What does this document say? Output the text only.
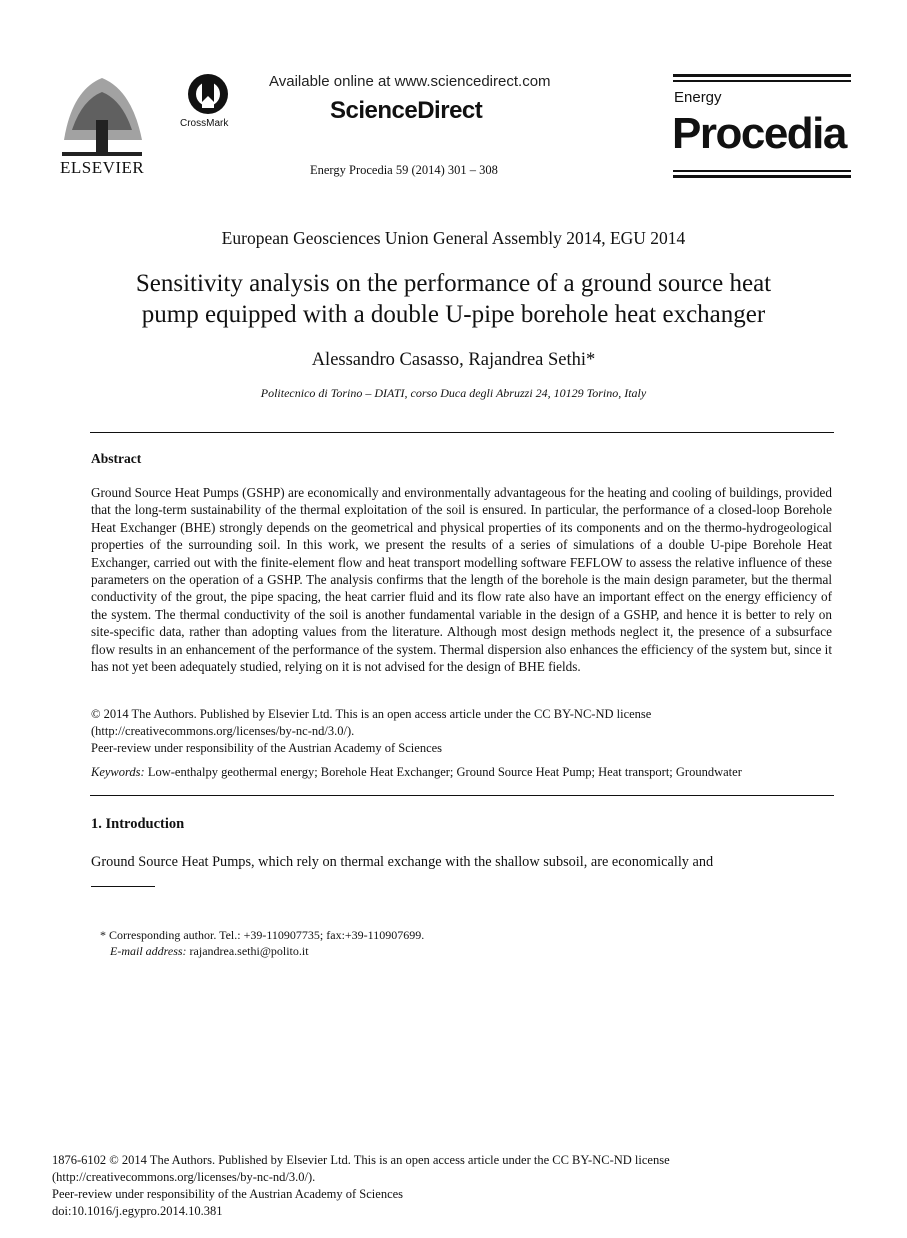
ELSEVIER
CrossMark
Available online at www.sciencedirect.com
ScienceDirect
Energy Procedia 59 (2014) 301 – 308
Energy
Procedia
European Geosciences Union General Assembly 2014, EGU 2014
Sensitivity analysis on the performance of a ground source heat
pump equipped with a double U-pipe borehole heat exchanger
Alessandro Casasso, Rajandrea Sethi*
Politecnico di Torino – DIATI, corso Duca degli Abruzzi 24, 10129 Torino, Italy
Abstract
Ground Source Heat Pumps (GSHP) are economically and environmentally advantageous for the heating and cooling of buildings, provided that the long-term sustainability of the thermal exploitation of the soil is ensured. In particular, the performance of a closed-loop Borehole Heat Exchanger (BHE) strongly depends on the geometrical and physical properties of its components and on the thermo-hydrogeological properties of the surrounding soil. In this work, we present the results of a series of simulations of a double U-pipe Borehole Heat Exchanger, carried out with the finite-element flow and heat transport modelling software FEFLOW to assess the relative influence of these parameters on the operation of a GSHP. The analysis confirms that the length of the borehole is the main design parameter, but the thermal conductivity of the grout, the pipe spacing, the heat carrier fluid and its flow rate also have an important effect on the energy efficiency of the system. The thermal conductivity of the soil is another fundamental variable in the design of a GSHP, and hence it is better to rely on site-specific data, rather than adopting values from the literature. Although most design methods neglect it, the presence of a subsurface flow results in an enhancement of the performance of the system. Thermal dispersion also enhances the efficiency of the system but, since it has not yet been adequately studied, relying on it is not advised for the design of BHE fields.
© 2014 The Authors. Published by Elsevier Ltd. This is an open access article under the CC BY-NC-ND license
(http://creativecommons.org/licenses/by-nc-nd/3.0/).
Peer-review under responsibility of the Austrian Academy of Sciences
Keywords: Low-enthalpy geothermal energy; Borehole Heat Exchanger; Ground Source Heat Pump; Heat transport; Groundwater
1. Introduction
Ground Source Heat Pumps, which rely on thermal exchange with the shallow subsoil, are economically and
* Corresponding author. Tel.: +39-110907735; fax:+39-110907699.
E-mail address: rajandrea.sethi@polito.it
1876-6102 © 2014 The Authors. Published by Elsevier Ltd. This is an open access article under the CC BY-NC-ND license
(http://creativecommons.org/licenses/by-nc-nd/3.0/).
Peer-review under responsibility of the Austrian Academy of Sciences
doi:10.1016/j.egypro.2014.10.381
